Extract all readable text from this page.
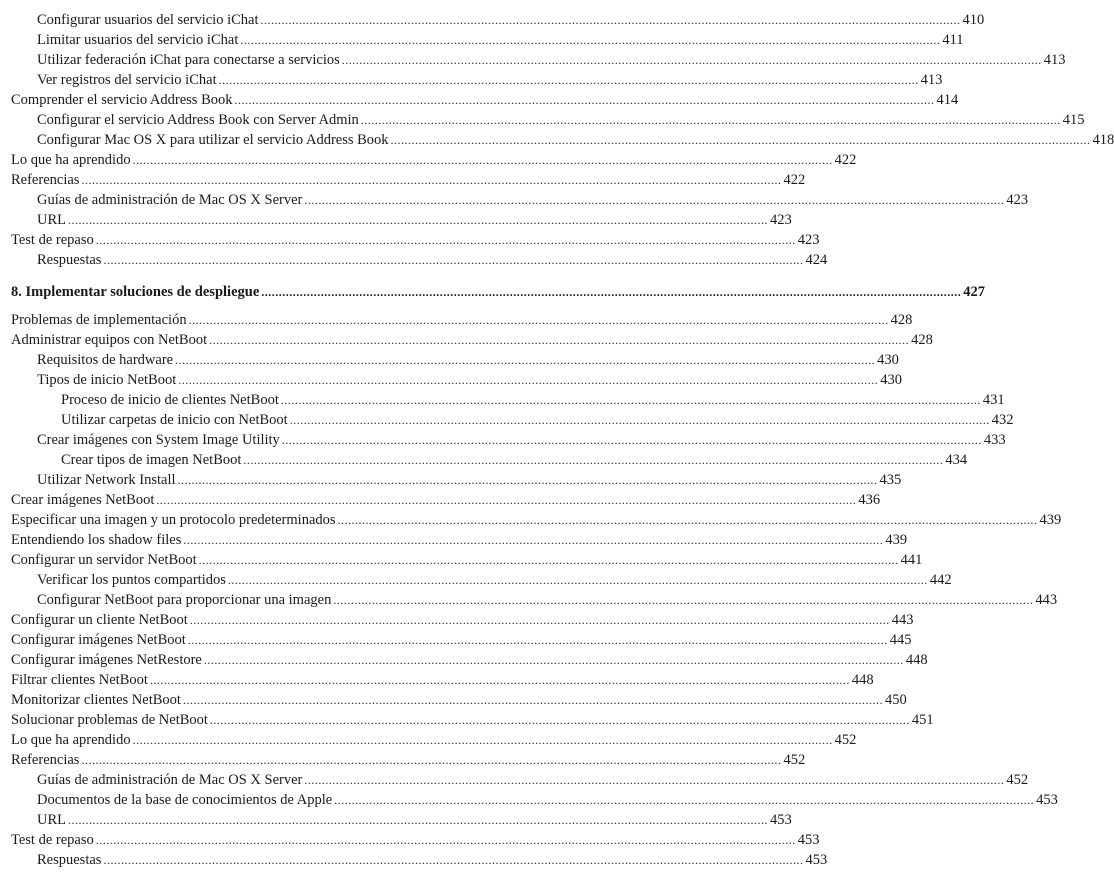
Configurar usuarios del servicio iChat ........................................................................................................................................................................................................ 410
Limitar usuarios del servicio iChat ........................................................................................................................................................................................................ 411
Utilizar federación iChat para conectarse a servicios ........................................................................................................................................................................................................ 413
Ver registros del servicio iChat ........................................................................................................................................................................................................ 413
Comprender el servicio Address Book ........................................................................................................................................................................................................ 414
Configurar el servicio Address Book con Server Admin ........................................................................................................................................................................................................ 415
Configurar Mac OS X para utilizar el servicio Address Book ........................................................................................................................................................................................................ 418
Lo que ha aprendido ........................................................................................................................................................................................................ 422
Referencias ........................................................................................................................................................................................................ 422
Guías de administración de Mac OS X Server ........................................................................................................................................................................................................ 423
URL ........................................................................................................................................................................................................ 423
Test de repaso ........................................................................................................................................................................................................ 423
Respuestas ........................................................................................................................................................................................................ 424
8. Implementar soluciones de despliegue ........................................................................................................................................................................................................ 427
Problemas de implementación ........................................................................................................................................................................................................ 428
Administrar equipos con NetBoot ........................................................................................................................................................................................................ 428
Requisitos de hardware ........................................................................................................................................................................................................ 430
Tipos de inicio NetBoot ........................................................................................................................................................................................................ 430
Proceso de inicio de clientes NetBoot ........................................................................................................................................................................................................ 431
Utilizar carpetas de inicio con NetBoot ........................................................................................................................................................................................................ 432
Crear imágenes con System Image Utility ........................................................................................................................................................................................................ 433
Crear tipos de imagen NetBoot ........................................................................................................................................................................................................ 434
Utilizar Network Install ........................................................................................................................................................................................................ 435
Crear imágenes NetBoot ........................................................................................................................................................................................................ 436
Especificar una imagen y un protocolo predeterminados ........................................................................................................................................................................................................ 439
Entendiendo los shadow files ........................................................................................................................................................................................................ 439
Configurar un servidor NetBoot ........................................................................................................................................................................................................ 441
Verificar los puntos compartidos ........................................................................................................................................................................................................ 442
Configurar NetBoot para proporcionar una imagen ........................................................................................................................................................................................................ 443
Configurar un cliente NetBoot ........................................................................................................................................................................................................ 443
Configurar imágenes NetBoot ........................................................................................................................................................................................................ 445
Configurar imágenes NetRestore ........................................................................................................................................................................................................ 448
Filtrar clientes NetBoot ........................................................................................................................................................................................................ 448
Monitorizar clientes NetBoot ........................................................................................................................................................................................................ 450
Solucionar problemas de NetBoot ........................................................................................................................................................................................................ 451
Lo que ha aprendido ........................................................................................................................................................................................................ 452
Referencias ........................................................................................................................................................................................................ 452
Guías de administración de Mac OS X Server ........................................................................................................................................................................................................ 452
Documentos de la base de conocimientos de Apple ........................................................................................................................................................................................................ 453
URL ........................................................................................................................................................................................................ 453
Test de repaso ........................................................................................................................................................................................................ 453
Respuestas ........................................................................................................................................................................................................ 453
